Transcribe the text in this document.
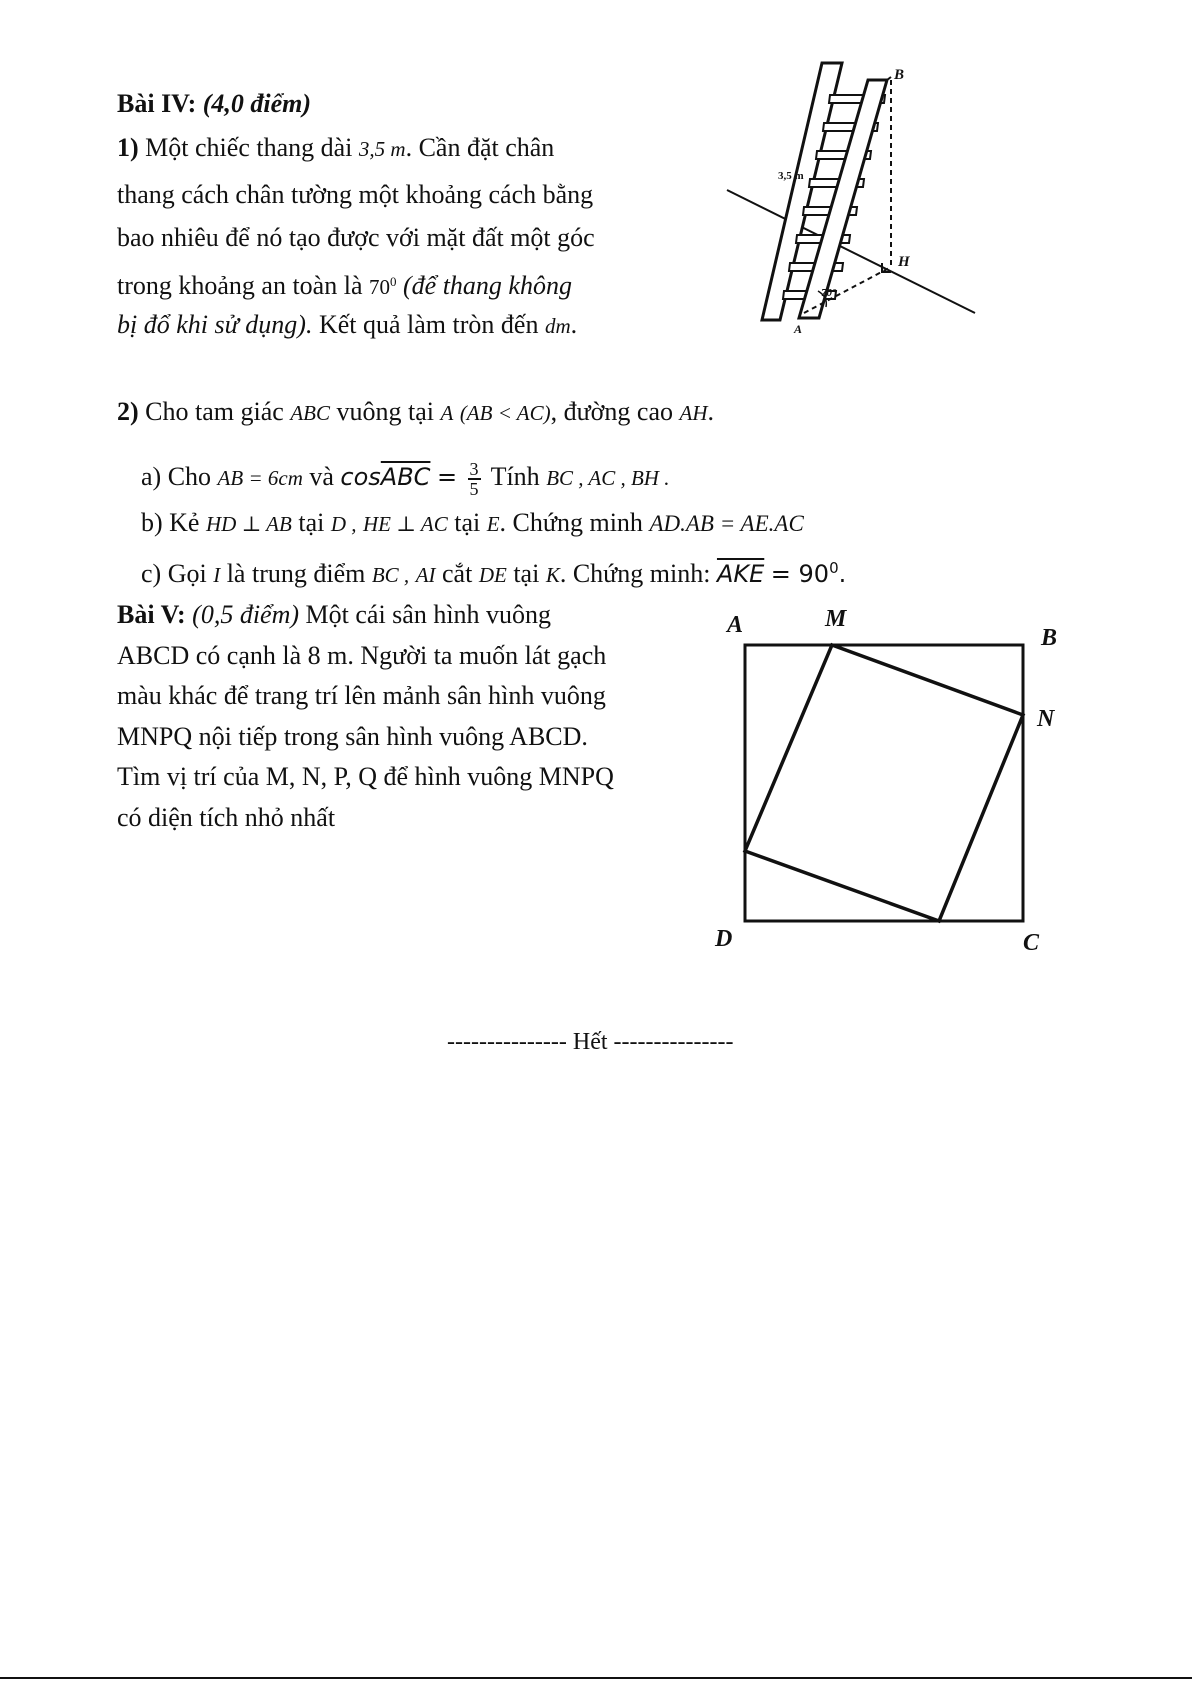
Bài IV: (4,0 điểm)
1) Một chiếc thang dài 3,5 m. Cần đặt chân
thang cách chân tường một khoảng cách bằng
bao nhiêu để nó tạo được với mặt đất một góc
trong khoảng an toàn là $70^0$ (để thang không
bị đổ khi sử dụng). Kết quả làm tròn đến dm.
B
H
A
3,5 m
70°
2) Cho tam giác ABC vuông tại A (AB < AC), đường cao AH.
a) Cho AB = 6cm và $\cos\overline{ABC} = \frac{3}{5}$ Tính BC , AC , BH .
b) Kẻ HD ⊥ AB tại D , HE ⊥ AC tại E. Chứng minh AD.AB = AE.AC
c) Gọi I là trung điểm BC , AI cắt DE tại K. Chứng minh: $\overline{AKE} = 90^0$.
Bài V: (0,5 điểm) Một cái sân hình vuông
ABCD có cạnh là 8 m. Người ta muốn lát gạch
màu khác để trang trí lên mảnh sân hình vuông
MNPQ nội tiếp trong sân hình vuông ABCD.
Tìm vị trí của M, N, P, Q để hình vuông MNPQ
có diện tích nhỏ nhất
A	M
B
N
D	C
--------------- Hết ---------------
